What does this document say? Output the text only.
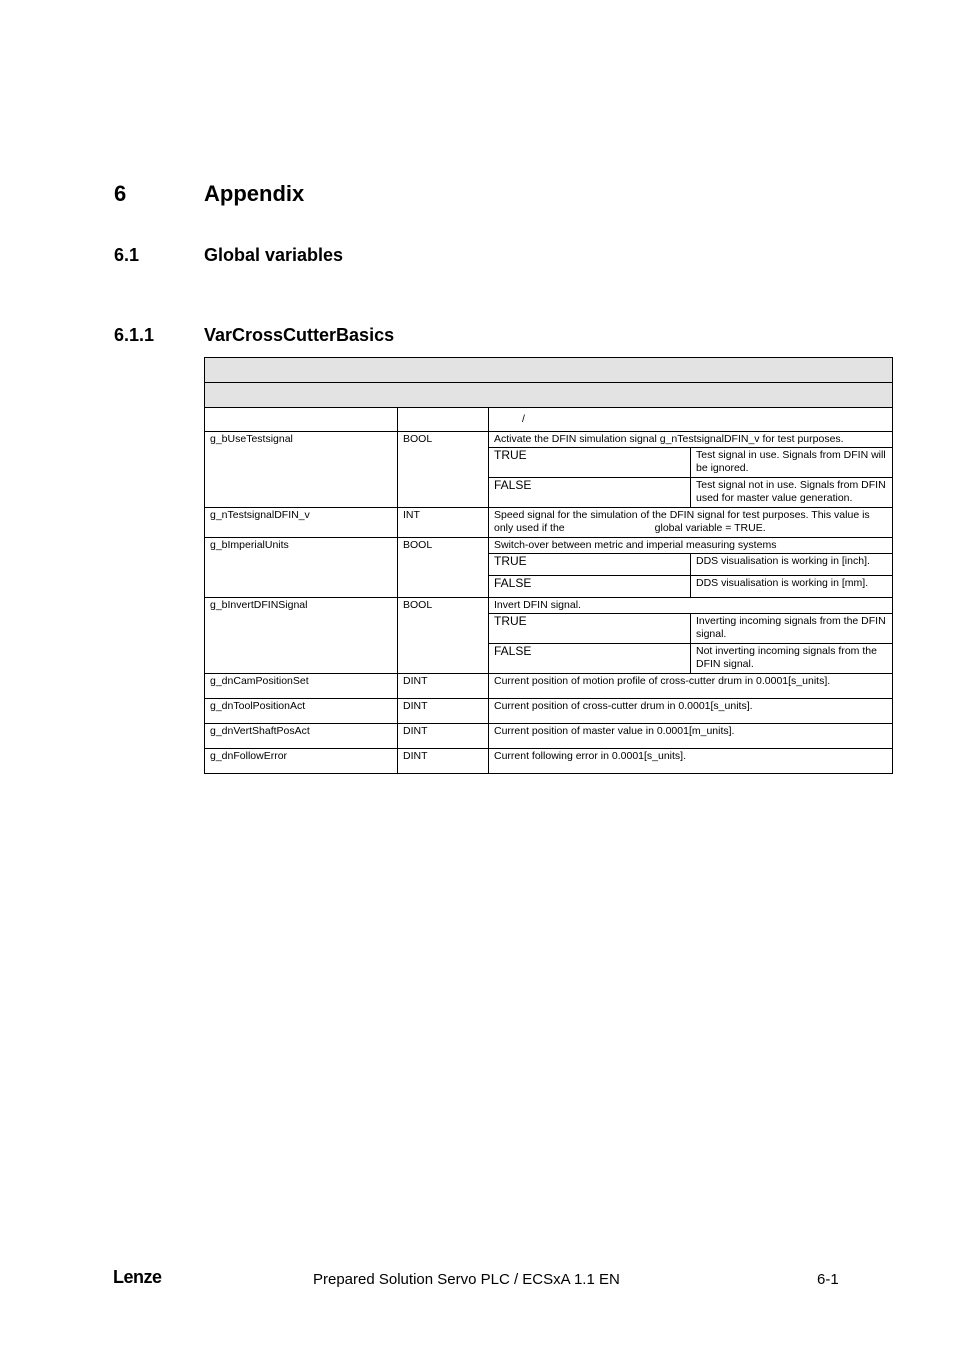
6	Appendix
6.1	Global variables
6.1.1	VarCrossCutterBasics

		/	
g_bUseTestsignal	BOOL	Activate the DFIN simulation signal g_nTestsignalDFIN_v for test purposes.	
		TRUE	Test signal in use. Signals from DFIN will be ignored.
		FALSE	Test signal not in use. Signals from DFIN used for master value generation.
g_nTestsignalDFIN_v	INT	Speed signal for the simulation of the DFIN signal for test purposes. This value is
only used if the global variable = TRUE.	

g_bImperialUnits	BOOL	Switch-over between metric and imperial measuring systems	
		TRUE	DDS visualisation is working in [inch].
		FALSE	DDS visualisation is working in [mm].
g_bInvertDFINSignal	BOOL	Invert DFIN signal.	
		TRUE	Inverting incoming signals from the DFIN signal.
		FALSE	Not inverting incoming signals from the DFIN signal.
g_dnCamPositionSet	DINT	Current position of motion profile of cross-cutter drum in 0.0001[s_units].	
g_dnToolPositionAct	DINT	Current position of cross-cutter drum in 0.0001[s_units].	
g_dnVertShaftPosAct	DINT	Current position of master value in 0.0001[m_units].	
g_dnFollowError	DINT	Current following error in 0.0001[s_units].	
Lenze	Prepared Solution Servo PLC / ECSxA 1.1 EN	6-1
